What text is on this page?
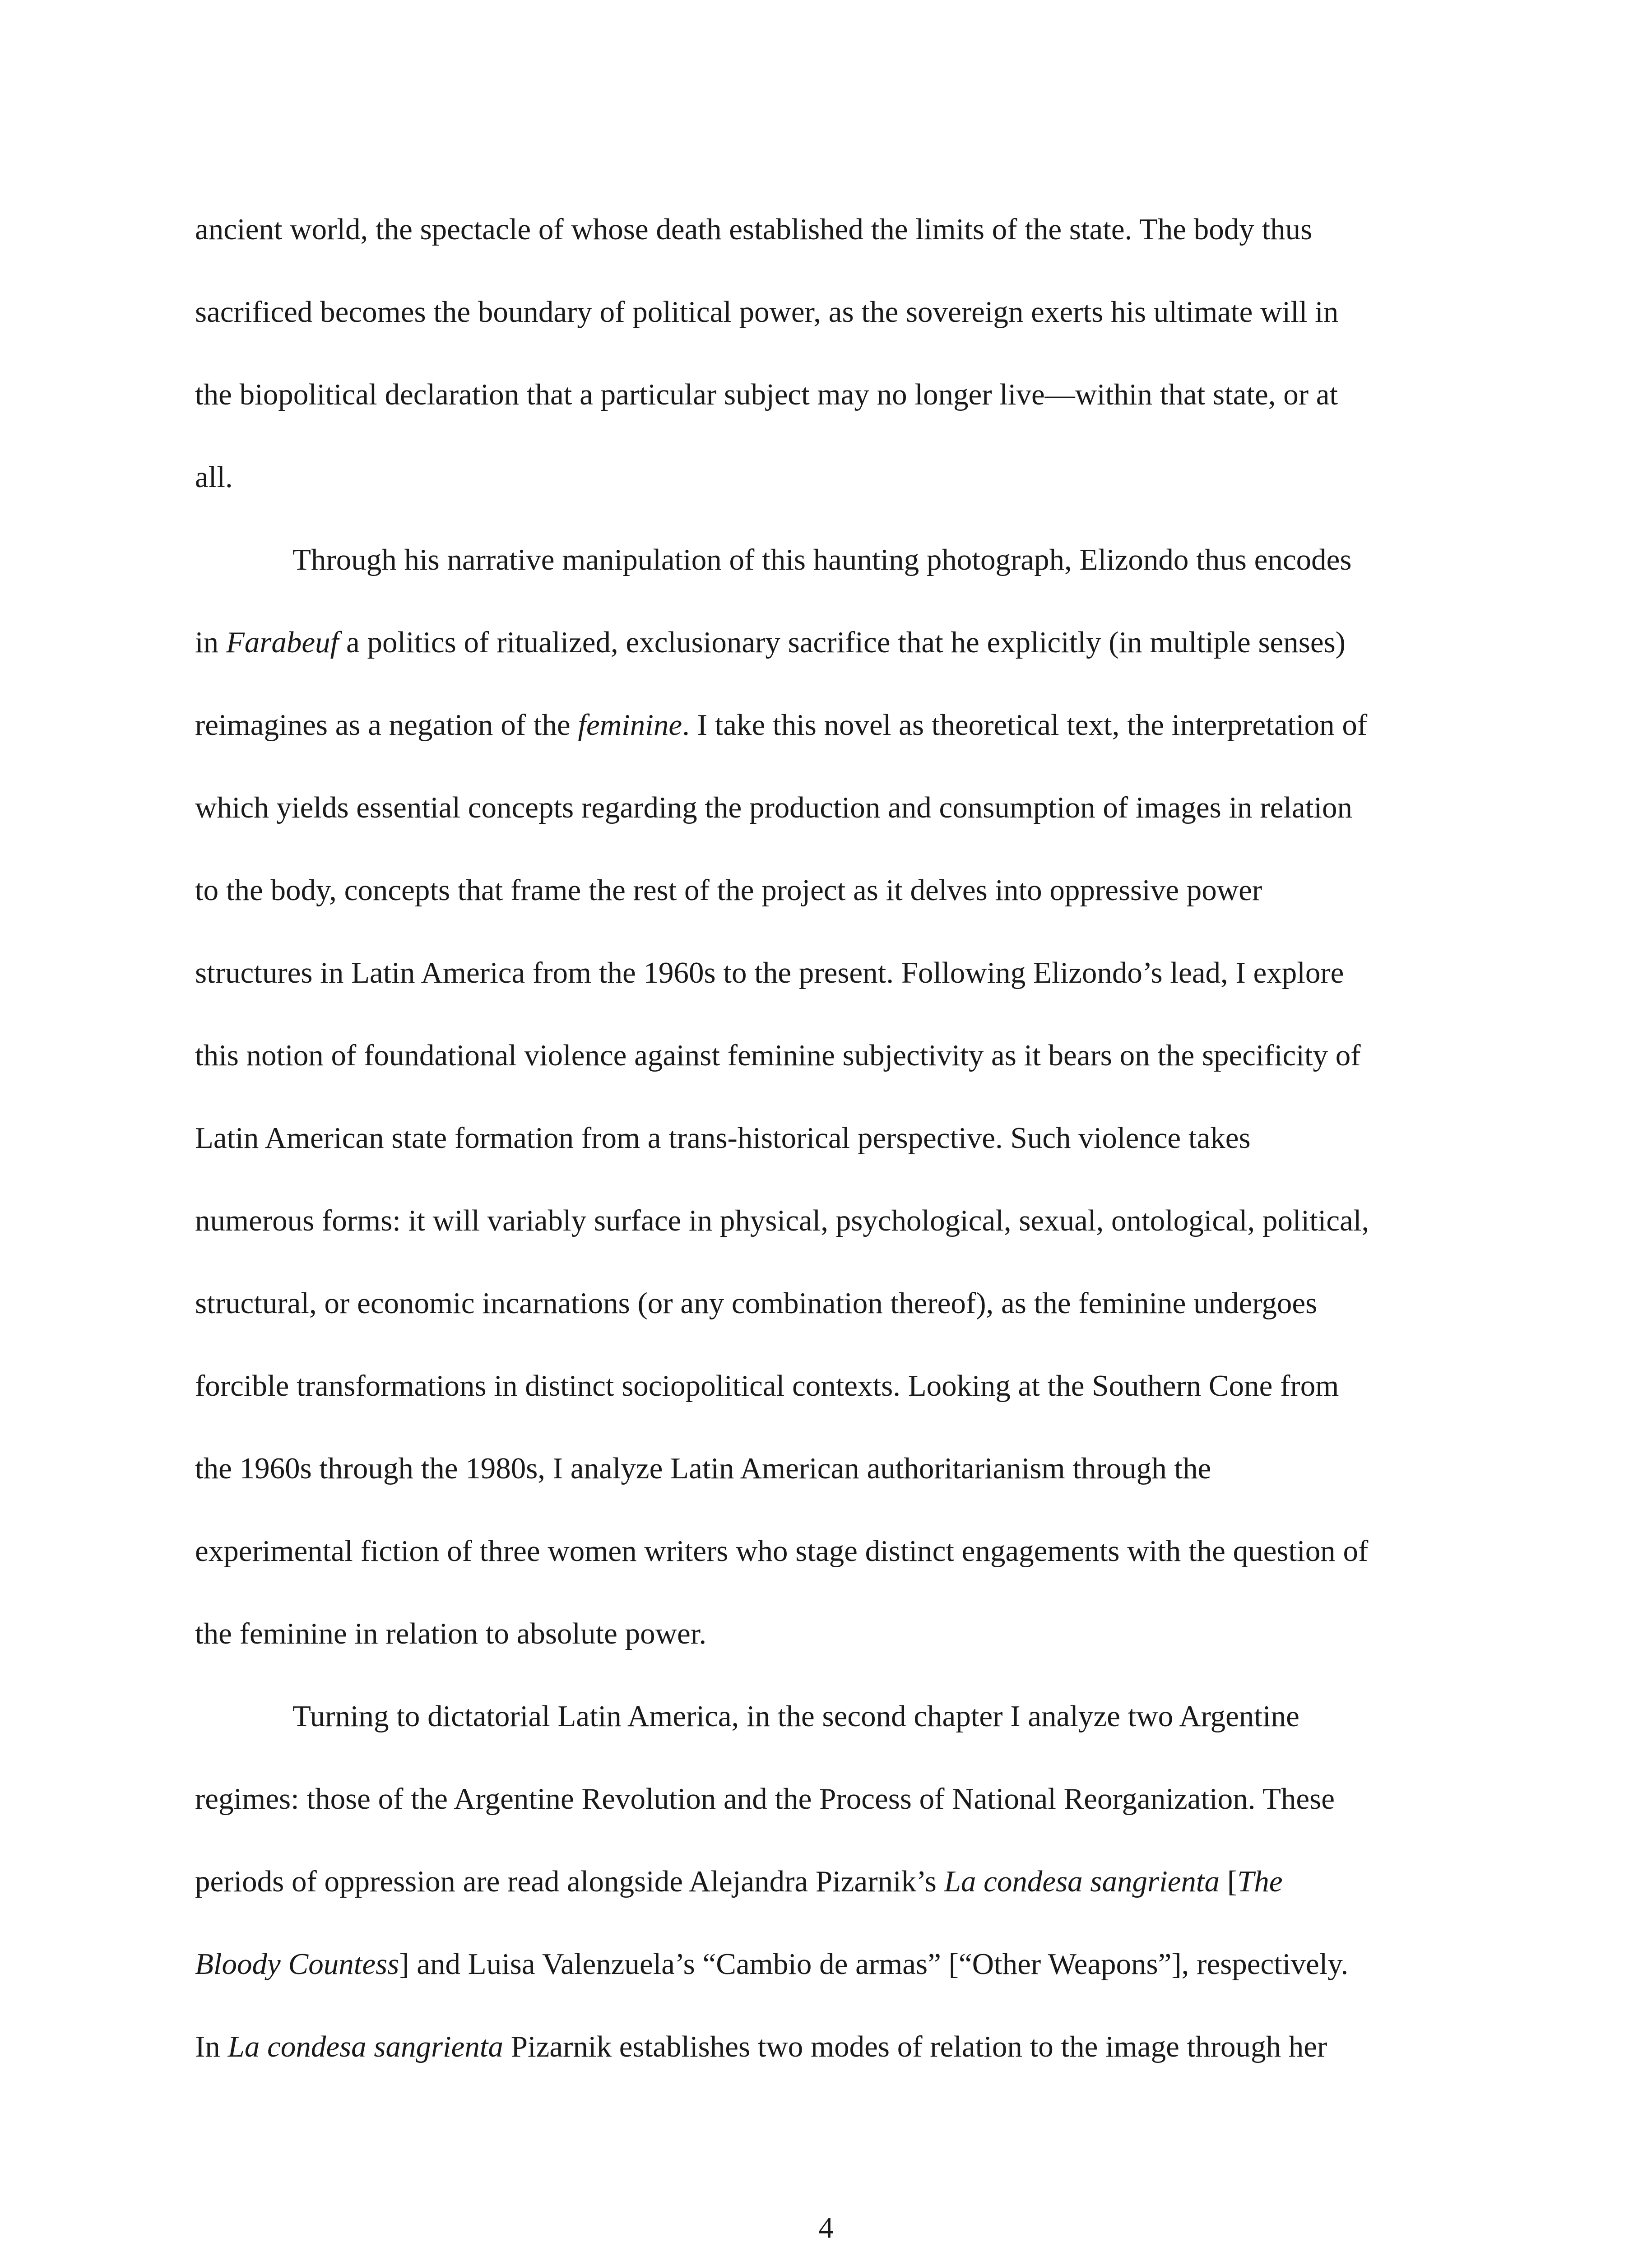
ancient world, the spectacle of whose death established the limits of the state. The body thus
sacrificed becomes the boundary of political power, as the sovereign exerts his ultimate will in
the biopolitical declaration that a particular subject may no longer live—within that state, or at
all.
Through his narrative manipulation of this haunting photograph, Elizondo thus encodes
in Farabeuf a politics of ritualized, exclusionary sacrifice that he explicitly (in multiple senses)
reimagines as a negation of the feminine. I take this novel as theoretical text, the interpretation of
which yields essential concepts regarding the production and consumption of images in relation
to the body, concepts that frame the rest of the project as it delves into oppressive power
structures in Latin America from the 1960s to the present. Following Elizondo’s lead, I explore
this notion of foundational violence against feminine subjectivity as it bears on the specificity of
Latin American state formation from a trans-historical perspective. Such violence takes
numerous forms: it will variably surface in physical, psychological, sexual, ontological, political,
structural, or economic incarnations (or any combination thereof), as the feminine undergoes
forcible transformations in distinct sociopolitical contexts. Looking at the Southern Cone from
the 1960s through the 1980s, I analyze Latin American authoritarianism through the
experimental fiction of three women writers who stage distinct engagements with the question of
the feminine in relation to absolute power.
Turning to dictatorial Latin America, in the second chapter I analyze two Argentine
regimes: those of the Argentine Revolution and the Process of National Reorganization. These
periods of oppression are read alongside Alejandra Pizarnik’s La condesa sangrienta [The
Bloody Countess] and Luisa Valenzuela’s “Cambio de armas” [“Other Weapons”], respectively.
In La condesa sangrienta Pizarnik establishes two modes of relation to the image through her
4
